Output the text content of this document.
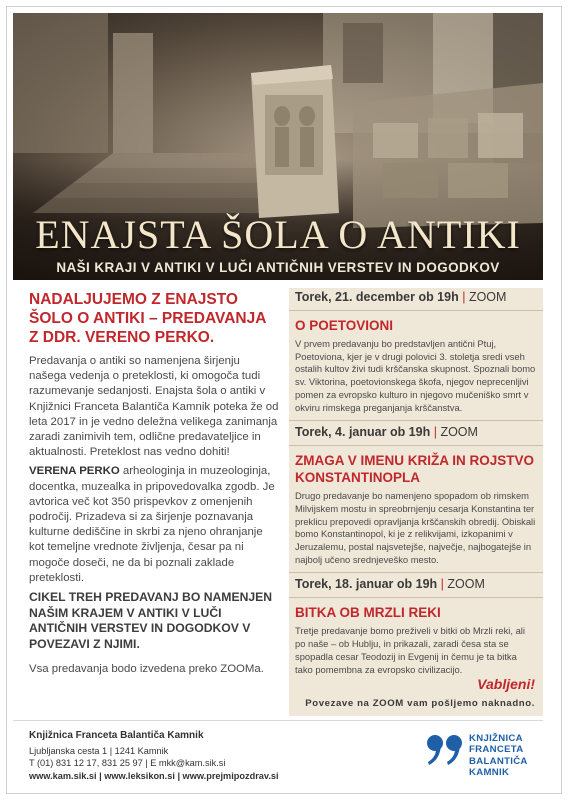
ENAJSTA ŠOLA O ANTIKI
NAŠI KRAJI V ANTIKI V LUČI ANTIČNIH VERSTEV IN DOGODKOV
NADALJUJEMO Z ENAJSTO ŠOLO O ANTIKI – PREDAVANJA Z DDR. VERENO PERKO.

Predavanja o antiki so namenjena širjenju našega vedenja o preteklosti, ki omogoča tudi razumevanje sedanjosti. Enajsta šola o antiki v Knjižnici Franceta Balantiča Kamnik poteka že od leta 2017 in je vedno deležna velikega zanimanja zaradi zanimivih tem, odlične predavateljice in aktualnosti. Preteklost nas vedno dohiti!

VERENA PERKO arheologinja in muzeologinja, docentka, muzealka in pripovedovalka zgodb. Je avtorica več kot 350 prispevkov z omenjenih področij. Prizadeva si za širjenje poznavanja kulturne dediščine in skrbi za njeno ohranjanje kot temeljne vrednote življenja, česar pa ni mogoče doseči, ne da bi poznali zaklade preteklosti.

CIKEL TREH PREDAVANJ BO NAMENJEN NAŠIM KRAJEM V ANTIKI V LUČI ANTIČNIH VERSTEV IN DOGODKOV V POVEZAVI Z NJIMI.

Vsa predavanja bodo izvedena preko ZOOMa.

Torek, 21. december ob 19h | ZOOM
O POETOVIONI
V prvem predavanju bo predstavljen antični Ptuj, Poetoviona, kjer je v drugi polovici 3. stoletja sredi vseh ostalih kultov živi tudi krščanska skupnost. Spoznali bomo sv. Viktorina, poetovionskega škofa, njegov neprecenljivi pomen za evropsko kulturo in njegovo mučeniško smrt v okviru rimskega preganjanja krščanstva.
Torek, 4. januar ob 19h | ZOOM
ZMAGA V IMENU KRIŽA IN ROJSTVO KONSTANTINOPLA
Drugo predavanje bo namenjeno spopadom ob rimskem Milvijskem mostu in spreobrnjenju cesarja Konstantina ter preklicu prepovedi opravljanja krščanskih obredij. Obiskali bomo Konstantinopol, ki je z relikvijami, izkopanimi v Jeruzalemu, postal najsvetejše, največje, najbogatejše in najbolj učeno srednjeveško mesto.
Torek, 18. januar ob 19h | ZOOM
BITKA OB MRZLI REKI
Tretje predavanje bomo preživeli v bitki ob Mrzli reki, ali po naše – ob Hublju, in prikazali, zaradi česa sta se spopadla cesar Teodozij in Evgenij in čemu je ta bitka tako pomembna za evropsko civilizacijo.
Vabljeni!
Povezave na ZOOM vam pošljemo naknadno.
Knjižnica Franceta Balantiča Kamnik
Ljubljanska cesta 1 | 1241 Kamnik
T (01) 831 12 17, 831 25 97 | E mkk@kam.sik.si
www.kam.sik.si | www.leksikon.si | www.prejmipozdrav.si
KNJIŽNICA
FRANCETA
BALANTIČA
KAMNIK
